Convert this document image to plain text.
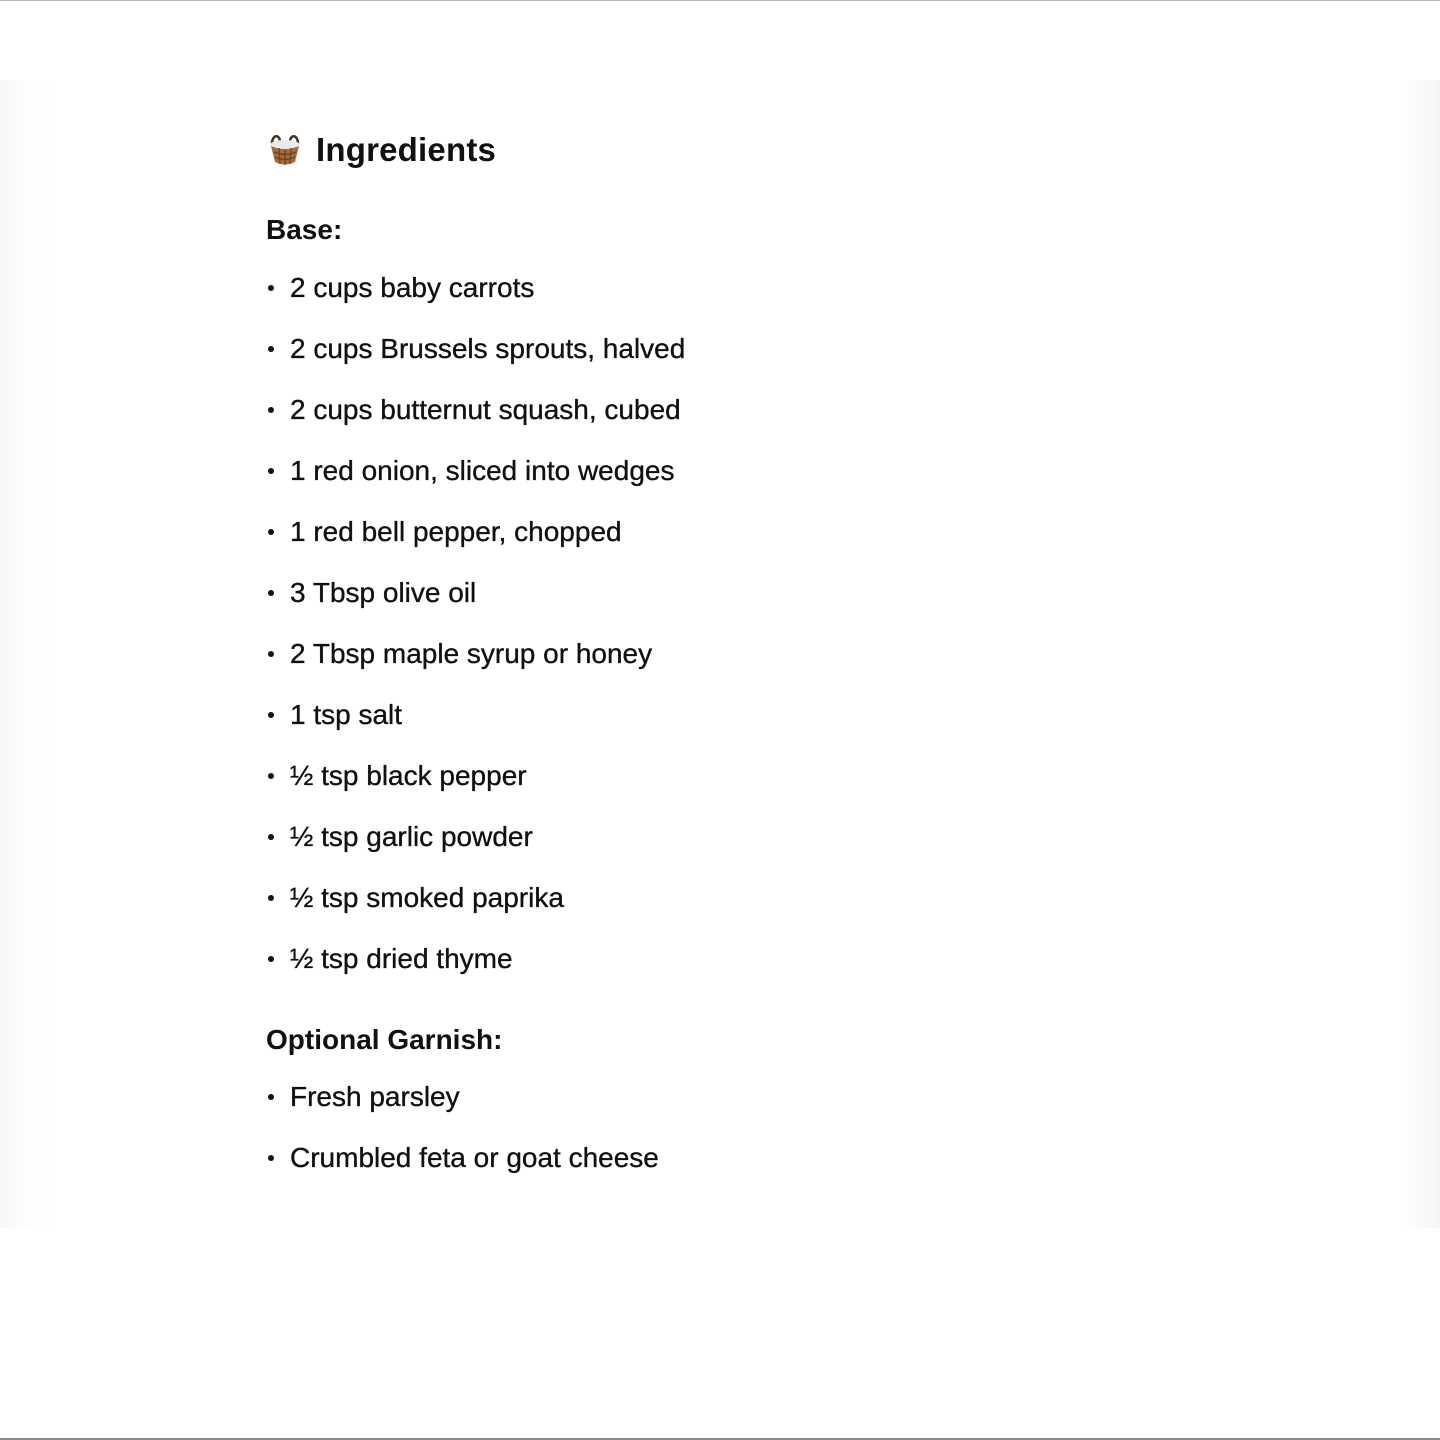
Ingredients
Base:
2 cups baby carrots
2 cups Brussels sprouts, halved
2 cups butternut squash, cubed
1 red onion, sliced into wedges
1 red bell pepper, chopped
3 Tbsp olive oil
2 Tbsp maple syrup or honey
1 tsp salt
½ tsp black pepper
½ tsp garlic powder
½ tsp smoked paprika
½ tsp dried thyme
Optional Garnish:
Fresh parsley
Crumbled feta or goat cheese
